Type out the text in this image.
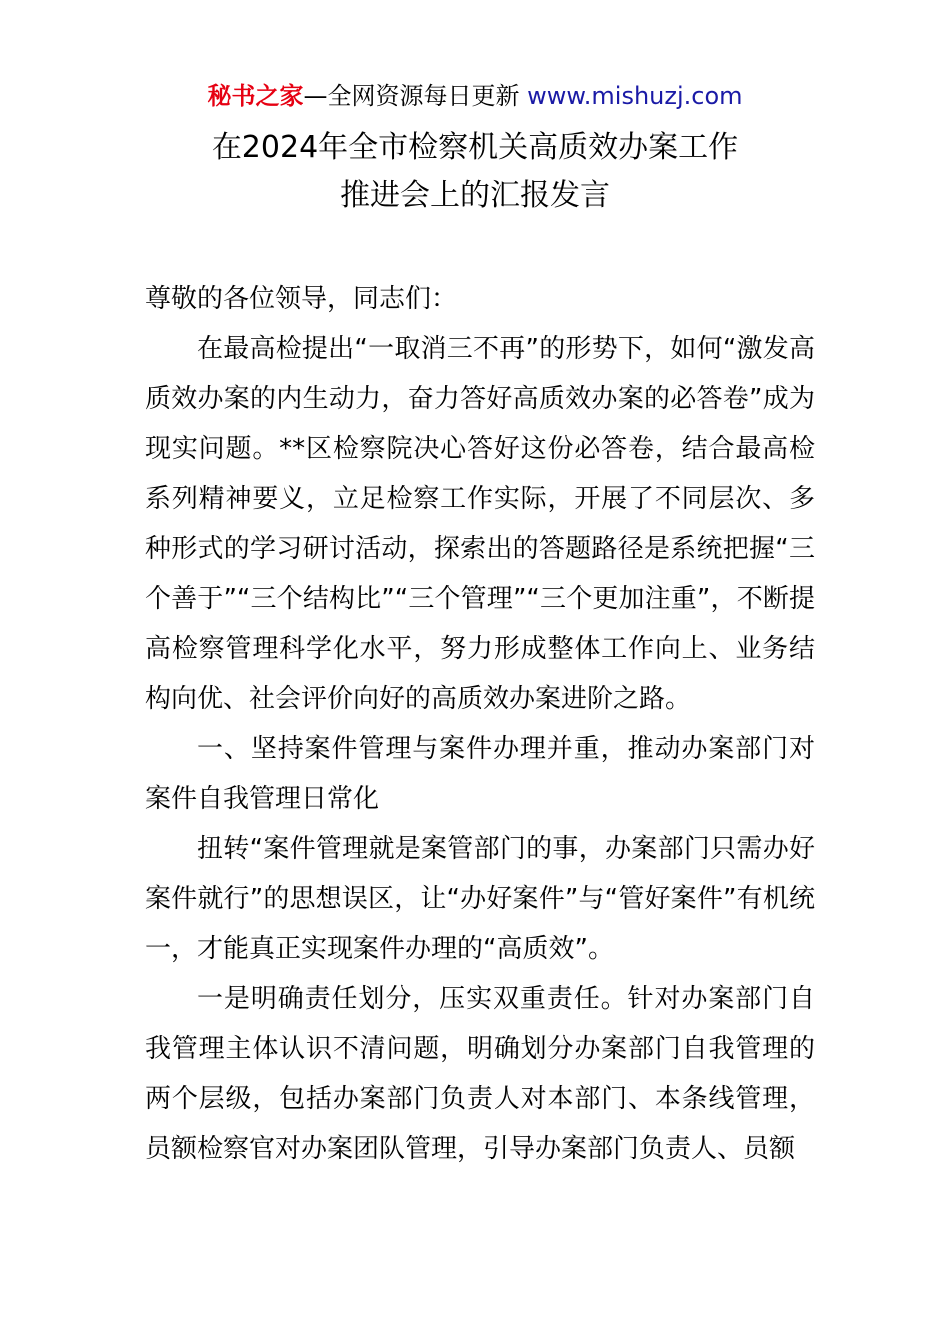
秘书之家—全网资源每日更新 www.mishuzj.com
在2024年全市检察机关高质效办案工作
推进会上的汇报发言

尊敬的各位领导，同志们：

在最高检提出“一取消三不再”的形势下，如何“激发高质效办案的内生动力，奋力答好高质效办案的必答卷”成为现实问题。**区检察院决心答好这份必答卷，结合最高检系列精神要义，立足检察工作实际，开展了不同层次、多种形式的学习研讨活动，探索出的答题路径是系统把握“三个善于”“三个结构比”“三个管理”“三个更加注重”，不断提高检察管理科学化水平，努力形成整体工作向上、业务结构向优、社会评价向好的高质效办案进阶之路。

一、坚持案件管理与案件办理并重，推动办案部门对案件自我管理日常化

扭转“案件管理就是案管部门的事，办案部门只需办好案件就行”的思想误区，让“办好案件”与“管好案件”有机统一，才能真正实现案件办理的“高质效”。

一是明确责任划分，压实双重责任。针对办案部门自我管理主体认识不清问题，明确划分办案部门自我管理的两个层级，包括办案部门负责人对本部门、本条线管理，员额检察官对办案团队管理，引导办案部门负责人、员额
